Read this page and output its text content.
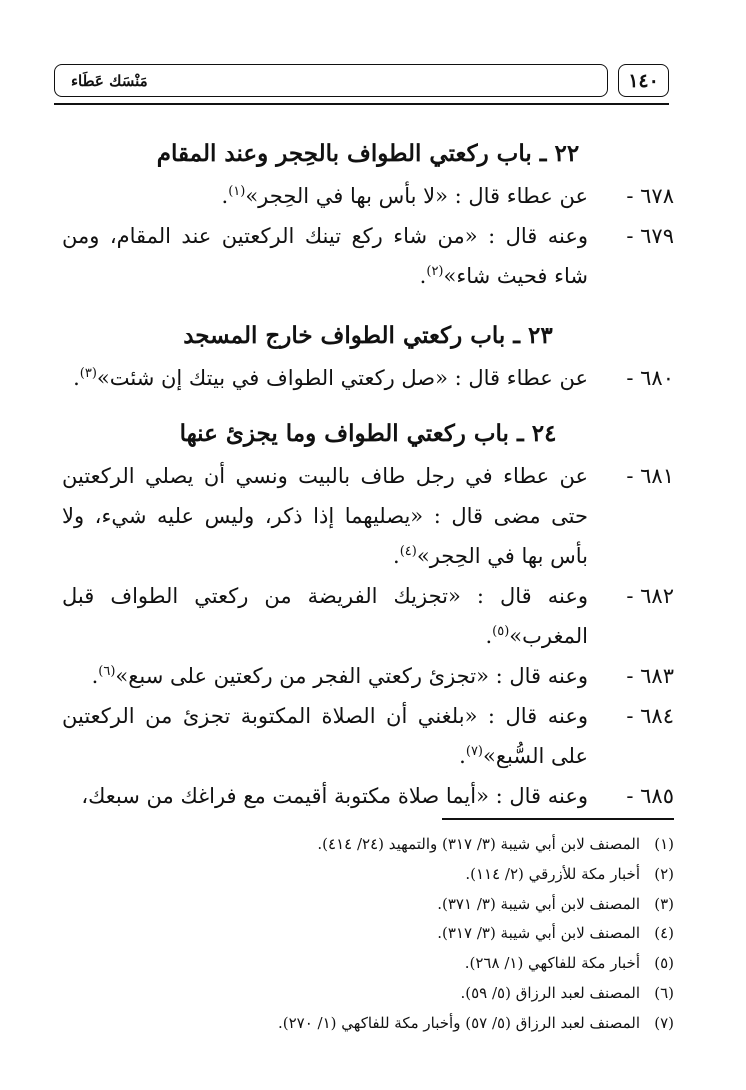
١٤٠
مَنْسَك عَطَاء
٢٢ ـ باب ركعتي الطواف بالحِجر وعند المقام
٦٧٨ -
عن عطاء قال : «لا بأس بها في الحِجر»$^{(١)}$.
٦٧٩ -
وعنه قال : «من شاء ركع تينك الركعتين عند المقام، ومن شاء فحيث شاء»$^{(٢)}$.
٢٣ ـ باب ركعتي الطواف خارج المسجد
٦٨٠ -
عن عطاء قال : «صل ركعتي الطواف في بيتك إن شئت»$^{(٣)}$.
٢٤ ـ باب ركعتي الطواف وما يجزئ عنها
٦٨١ -
عن عطاء في رجل طاف بالبيت ونسي أن يصلي الركعتين حتى مضى قال : «يصليهما إذا ذكر، وليس عليه شيء، ولا بأس بها في الحِجر»$^{(٤)}$.
٦٨٢ -
وعنه قال : «تجزيك الفريضة من ركعتي الطواف قبل المغرب»$^{(٥)}$.
٦٨٣ -
وعنه قال : «تجزئ ركعتي الفجر من ركعتين على سبع»$^{(٦)}$.
٦٨٤ -
وعنه قال : «بلغني أن الصلاة المكتوبة تجزئ من الركعتين على السُّبع»$^{(٧)}$.
٦٨٥ -
وعنه قال : «أيما صلاة مكتوبة أقيمت مع فراغك من سبعك،
(١)
المصنف لابن أبي شيبة (٣/ ٣١٧) والتمهيد (٢٤/ ٤١٤).
(٢)
أخبار مكة للأزرقي (٢/ ١١٤).
(٣)
المصنف لابن أبي شيبة (٣/ ٣٧١).
(٤)
المصنف لابن أبي شيبة (٣/ ٣١٧).
(٥)
أخبار مكة للفاكهي (١/ ٢٦٨).
(٦)
المصنف لعبد الرزاق (٥/ ٥٩).
(٧)
المصنف لعبد الرزاق (٥/ ٥٧) وأخبار مكة للفاكهي (١/ ٢٧٠).
